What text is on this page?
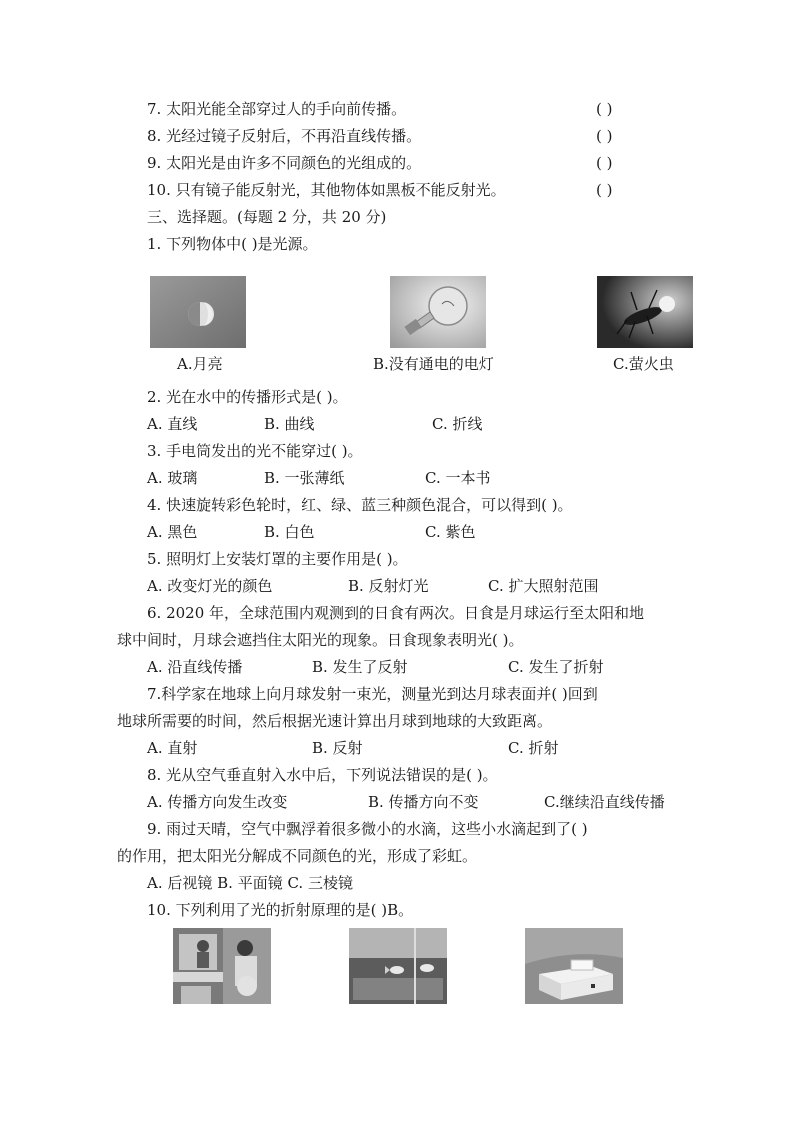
7. 太阳光能全部穿过人的手向前传播。	( )
8. 光经过镜子反射后，不再沿直线传播。	( )
9. 太阳光是由许多不同颜色的光组成的。	( )
10. 只有镜子能反射光，其他物体如黑板不能反射光。	( )
三、选择题。(每题 2 分，共 20 分)
1. 下列物体中( )是光源。
A.月亮	B.没有通电的电灯	C.萤火虫
2. 光在水中的传播形式是( )。
A. 直线	B. 曲线	C. 折线
3. 手电筒发出的光不能穿过( )。
A. 玻璃	B. 一张薄纸	C. 一本书
4. 快速旋转彩色轮时，红、绿、蓝三种颜色混合，可以得到( )。
A. 黑色	B. 白色	C. 紫色
5. 照明灯上安装灯罩的主要作用是( )。
A. 改变灯光的颜色	B. 反射灯光	C. 扩大照射范围
6. 2020 年，全球范围内观测到的日食有两次。日食是月球运行至太阳和地
球中间时，月球会遮挡住太阳光的现象。日食现象表明光( )。
A. 沿直线传播	B. 发生了反射	C. 发生了折射
7.科学家在地球上向月球发射一束光，测量光到达月球表面并( )回到
地球所需要的时间，然后根据光速计算出月球到地球的大致距离。
A. 直射	B. 反射	C. 折射
8. 光从空气垂直射入水中后，下列说法错误的是( )。
A. 传播方向发生改变	B. 传播方向不变	C.继续沿直线传播
9. 雨过天晴，空气中飘浮着很多微小的水滴，这些小水滴起到了( )
的作用，把太阳光分解成不同颜色的光，形成了彩虹。
A. 后视镜 B. 平面镜 C. 三棱镜
10. 下列利用了光的折射原理的是( )B。
